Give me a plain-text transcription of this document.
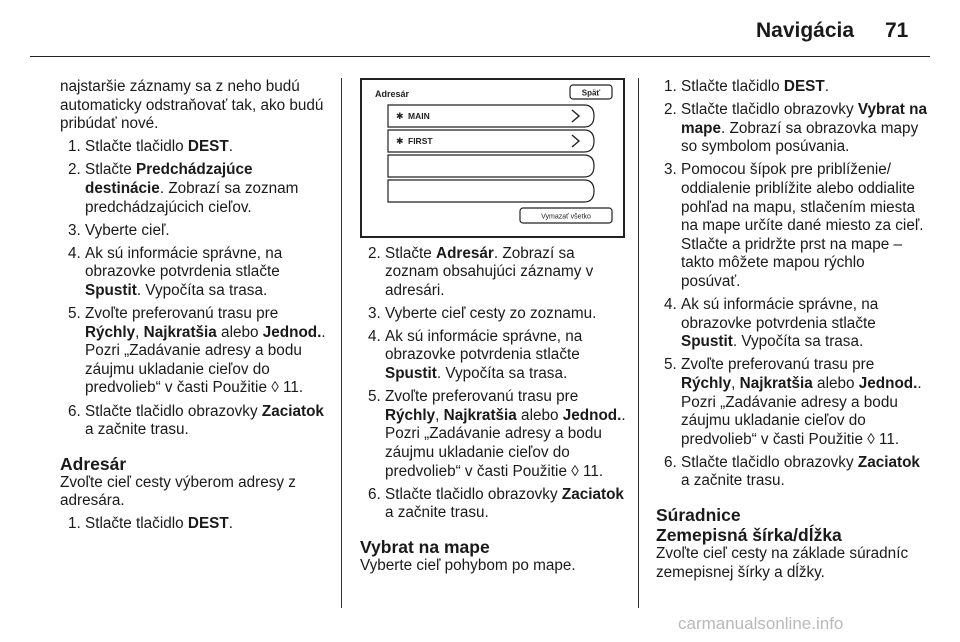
Navigácia 71

najstaršie záznamy sa z neho budú automaticky odstraňovať tak, ako budú pribúdať nové.

1. Stlačte tlačidlo DEST.
2. Stlačte Predchádzajúce destinácie. Zobrazí sa zoznam predchádzajúcich cieľov.
3. Vyberte cieľ.
4. Ak sú informácie správne, na obrazovke potvrdenia stlačte Spustit. Vypočíta sa trasa.
5. Zvoľte preferovanú trasu pre Rýchly, Najkratšia alebo Jednod.. Pozri „Zadávanie adresy a bodu záujmu ukladanie cieľov do predvolieb“ v časti Použitie ◊ 11.
6. Stlačte tlačidlo obrazovky Zaciatok a začnite trasu.
Adresár

Zvoľte cieľ cesty výberom adresy z adresára.

1. Stlačte tlačidlo DEST.
Adresár	Späť
✱ MAIN
✱ FIRST
Vymazať všetko
2. Stlačte Adresár. Zobrazí sa zoznam obsahujúci záznamy v adresári.
3. Vyberte cieľ cesty zo zoznamu.
4. Ak sú informácie správne, na obrazovke potvrdenia stlačte Spustit. Vypočíta sa trasa.
5. Zvoľte preferovanú trasu pre Rýchly, Najkratšia alebo Jednod.. Pozri „Zadávanie adresy a bodu záujmu ukladanie cieľov do predvolieb“ v časti Použitie ◊ 11.
6. Stlačte tlačidlo obrazovky Zaciatok a začnite trasu.
Vybrat na mape

Vyberte cieľ pohybom po mape.

1. Stlačte tlačidlo DEST.
2. Stlačte tlačidlo obrazovky Vybrat na mape. Zobrazí sa obrazovka mapy so symbolom posúvania.
3. Pomocou šípok pre priblíženie/ oddialenie priblížite alebo oddialite pohľad na mapu, stlačením miesta na mape určíte dané miesto za cieľ. Stlačte a pridržte prst na mape – takto môžete mapou rýchlo posúvať.
4. Ak sú informácie správne, na obrazovke potvrdenia stlačte Spustit. Vypočíta sa trasa.
5. Zvoľte preferovanú trasu pre Rýchly, Najkratšia alebo Jednod.. Pozri „Zadávanie adresy a bodu záujmu ukladanie cieľov do predvolieb“ v časti Použitie ◊ 11.
6. Stlačte tlačidlo obrazovky Zaciatok a začnite trasu.
Súradnice
Zemepisná šírka/dĺžka

Zvoľte cieľ cesty na základe súradníc zemepisnej šírky a dĺžky.

carmanualsonline.info
